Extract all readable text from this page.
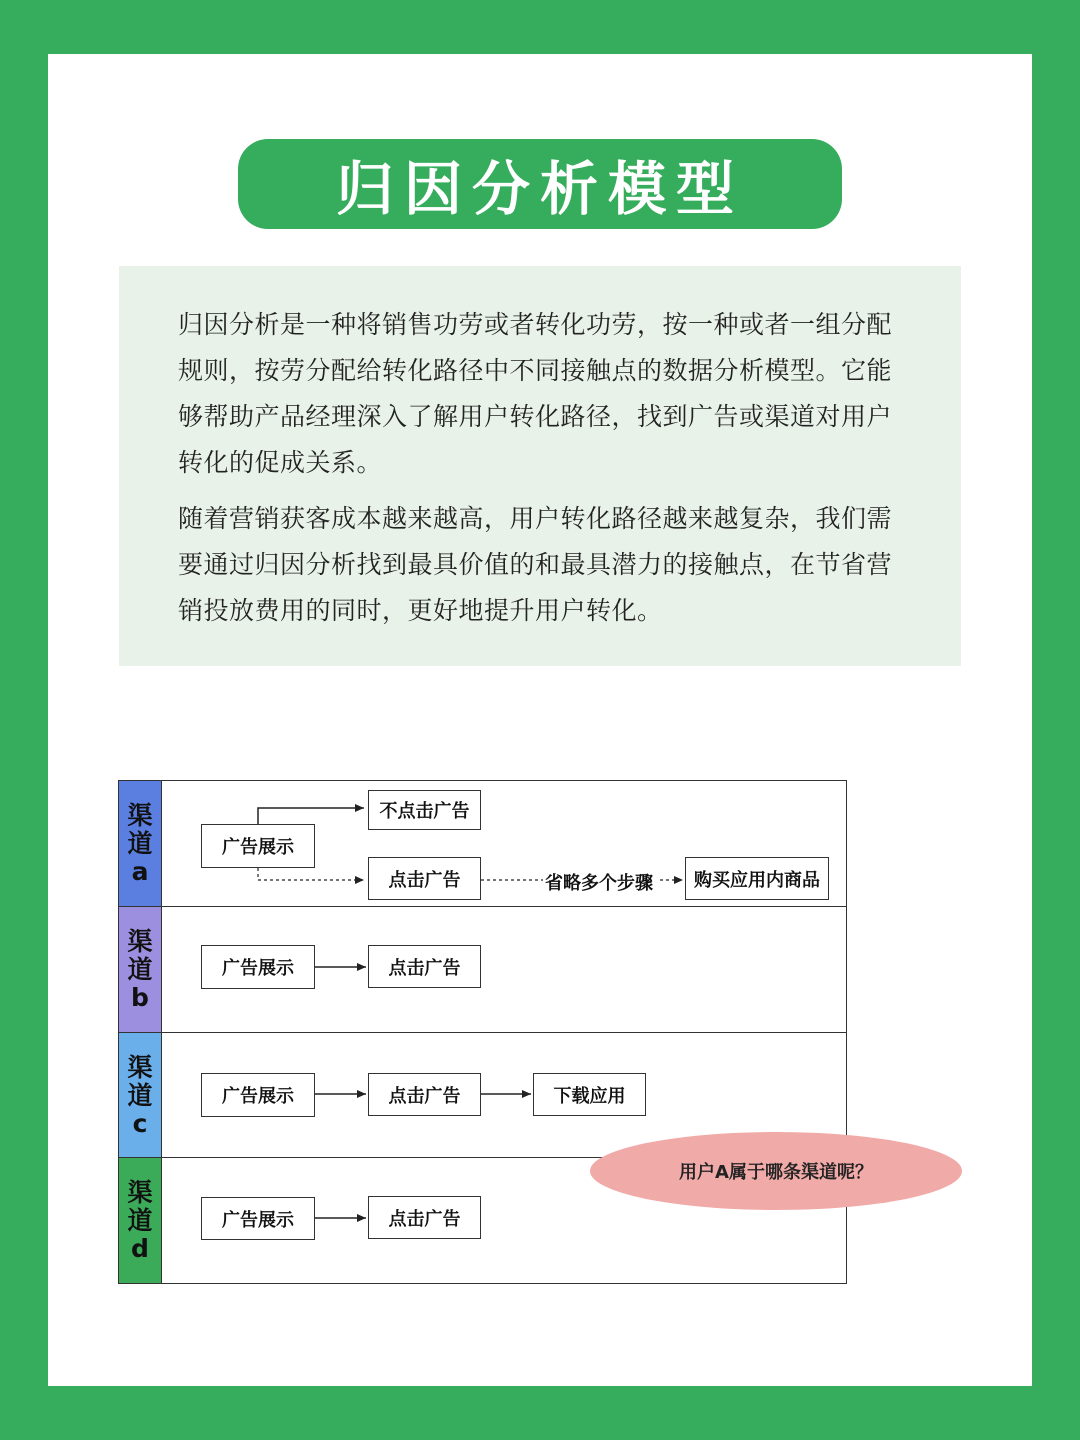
归因分析模型
归因分析是一种将销售功劳或者转化功劳，按一种或者一组分配规则，按劳分配给转化路径中不同接触点的数据分析模型。它能够帮助产品经理深入了解用户转化路径，找到广告或渠道对用户转化的促成关系。
随着营销获客成本越来越高，用户转化路径越来越复杂，我们需要通过归因分析找到最具价值的和最具潜力的接触点，在节省营销投放费用的同时，更好地提升用户转化。
渠
道
a
渠
道
b
渠
道
c
渠
道
d
广告展示
不点击广告
点击广告	省略多个步骤	购买应用内商品
广告展示	点击广告
广告展示	点击广告	下载应用
广告展示	点击广告
用户A属于哪条渠道呢？
